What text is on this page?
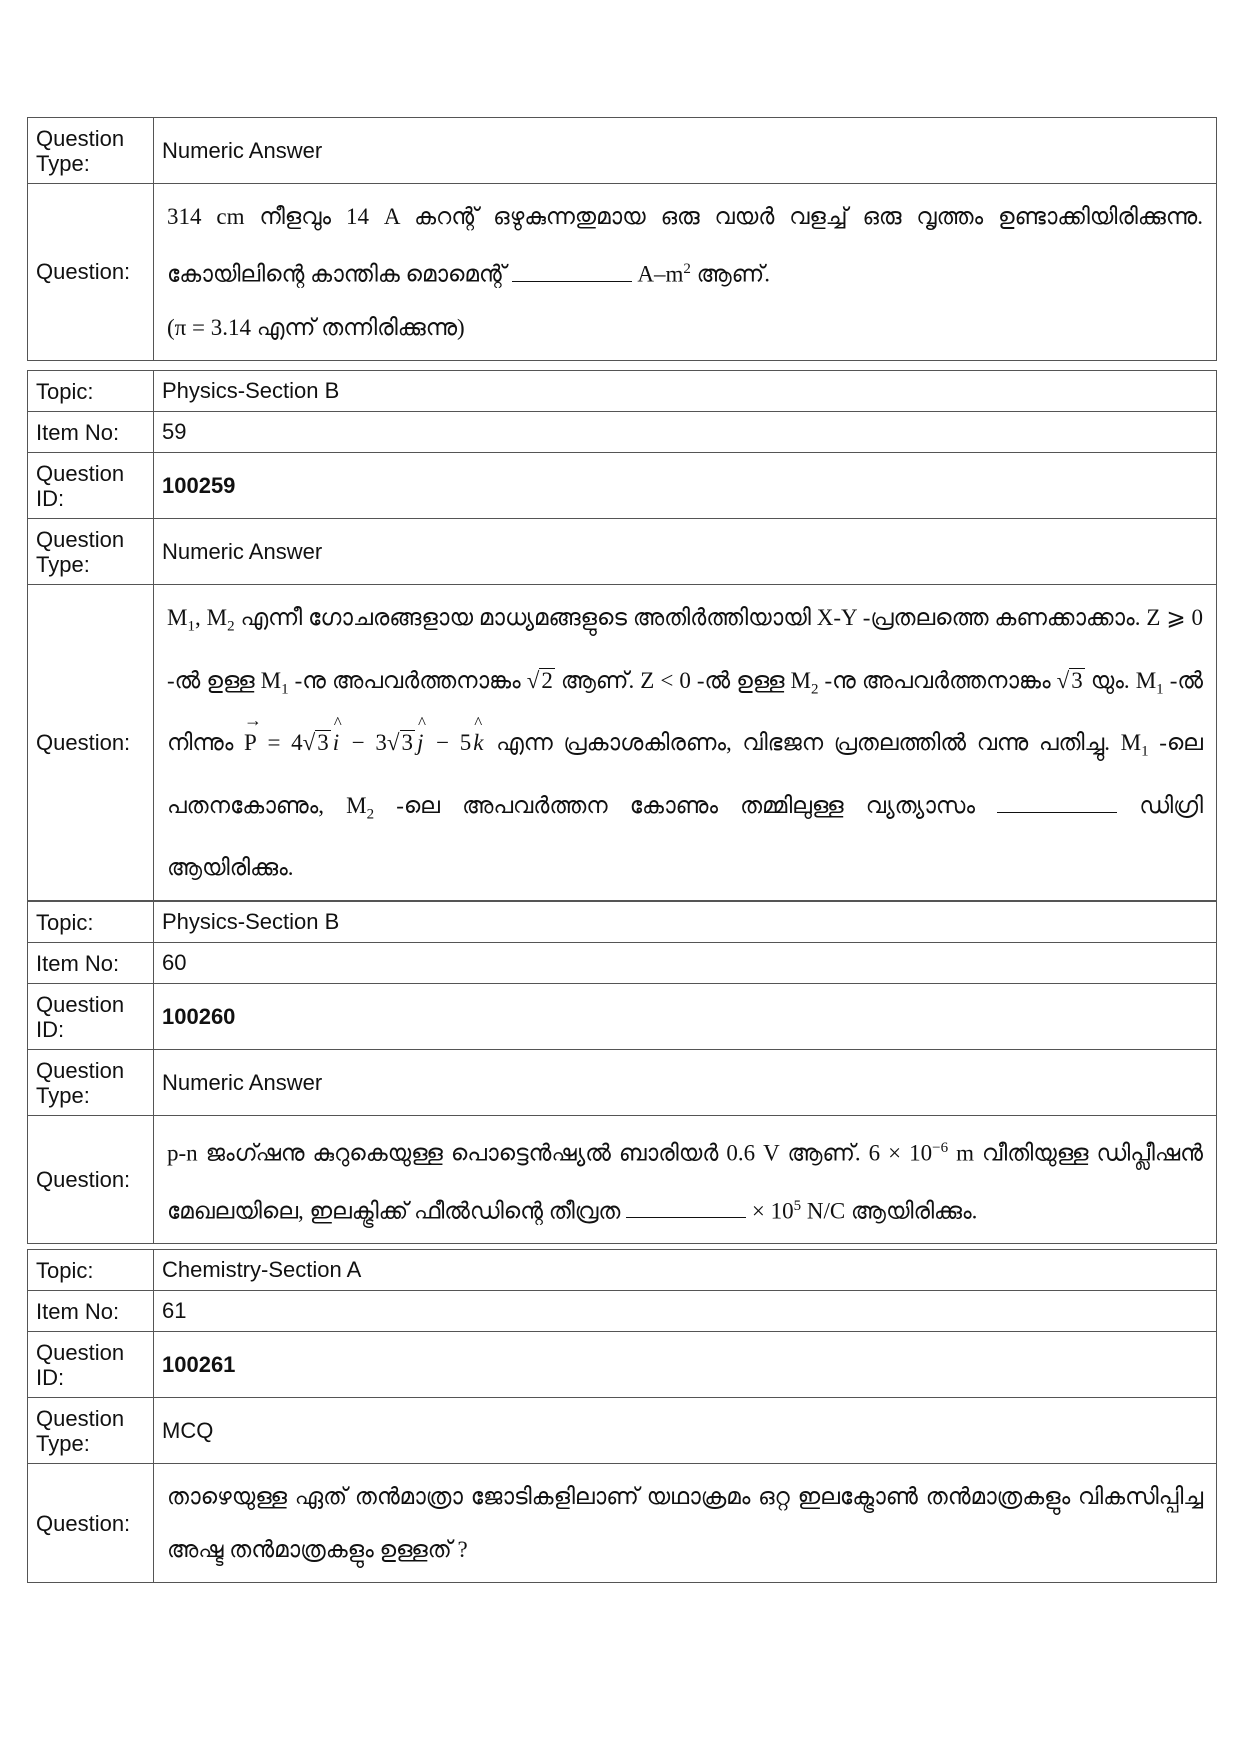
Question
Type:	Numeric Answer
Question:	314 cm നീളവും 14 A കറന്റ് ഒഴുകുന്നതുമായ ഒരു വയർ വളച്ച് ഒരു വൃത്തം ഉണ്ടാക്കിയിരിക്കുന്നു. കോയിലിന്റെ കാന്തിക മൊമെന്റ് $A-m^2$ ആണ്.
(π = 3.14 എന്ന് തന്നിരിക്കുന്നു)
Topic:	Physics-Section B
Item No:	59
Question
ID:	100259
Question
Type:	Numeric Answer
Question:	$M_1$, $M_2$ എന്നീ ഗോചരങ്ങളായ മാധ്യമങ്ങളുടെ അതിർത്തിയായി X-Y -പ്രതലത്തെ കണക്കാക്കാം. Z ⩾ 0 -ൽ ഉള്ള $M_1$ -നു അപവർത്തനാങ്കം √2 ആണ്. Z < 0 -ൽ ഉള്ള $M_2$ -നു അപവർത്തനാങ്കം √3 യും. $M_1$ -ൽ നിന്നും → P = 4√3 ^ i − 3√3 ^ j − 5^ k എന്ന പ്രകാശകിരണം, വിഭജന പ്രതലത്തിൽ വന്നു പതിച്ചു. $M_1$ -ലെ പതനകോണും, $M_2$ -ലെ അപവർത്തന കോണും തമ്മിലുള്ള വ്യത്യാസം ഡിഗ്രി ആയിരിക്കും.
Topic:	Physics-Section B
Item No:	60
Question
ID:	100260
Question
Type:	Numeric Answer
Question:	p-n ജംഗ്ഷനു കുറുകെയുള്ള പൊട്ടെൻഷ്യൽ ബാരിയർ 0.6 V ആണ്. $6 \times 10^{-6}$ m വീതിയുള്ള ഡിപ്ലീഷൻ മേഖലയിലെ, ഇലക്ട്രിക്ക് ഫീൽഡിന്റെ തീവ്രത × $10^5$ N/C ആയിരിക്കും.
Topic:	Chemistry-Section A
Item No:	61
Question
ID:	100261
Question
Type:	MCQ
Question:	താഴെയുള്ള ഏത് തൻമാത്രാ ജോടികളിലാണ് യഥാക്രമം ഒറ്റ ഇലക്ട്രോൺ തൻമാത്രകളും വികസിപ്പിച്ച അഷ്ട തൻമാത്രകളും ഉള്ളത് ?
